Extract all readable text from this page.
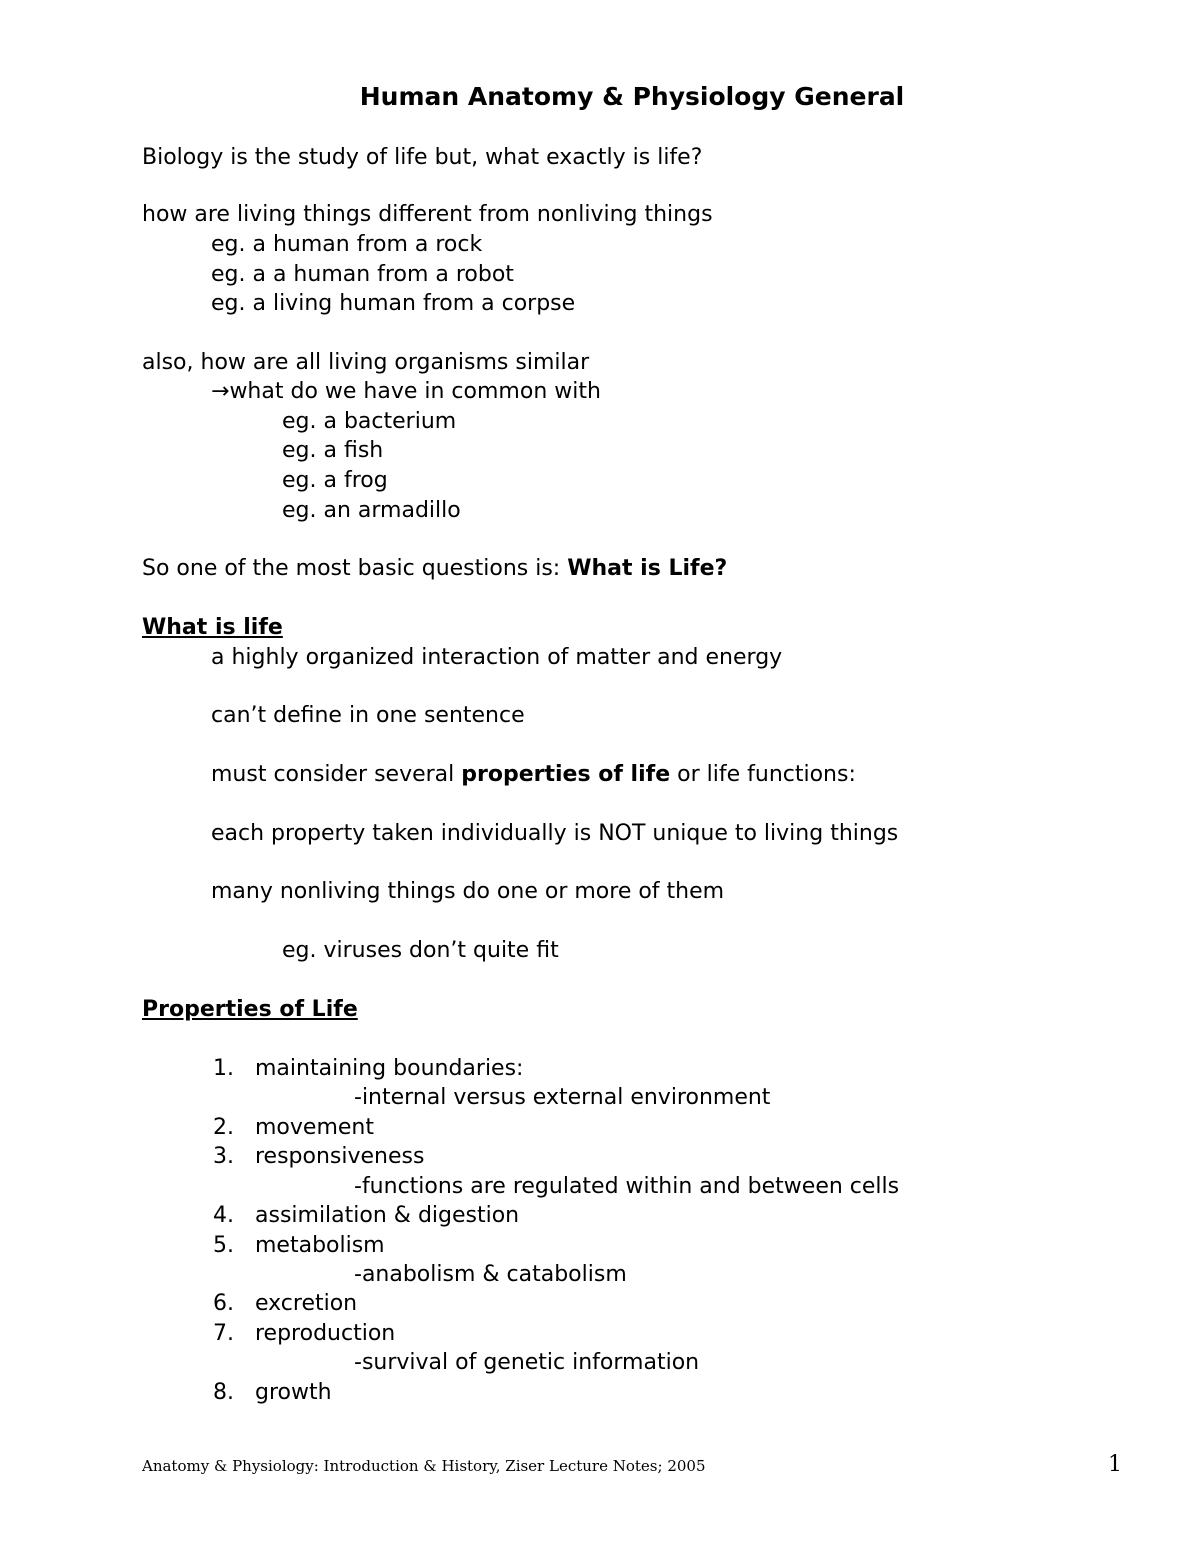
Human Anatomy & Physiology General
Biology is the study of life but, what exactly is life?
how are living things different from nonliving things
eg. a human from a rock
eg. a a human from a robot
eg. a living human from a corpse
also, how are all living organisms similar
→what do we have in common with
eg. a bacterium
eg. a fish
eg. a frog
eg. an armadillo
So one of the most basic questions is: What is Life?
What is life
a highly organized interaction of matter and energy
can’t define in one sentence
must consider several properties of life or life functions:
each property taken individually is NOT unique to living things
many nonliving things do one or more of them
eg. viruses don’t quite fit
Properties of Life
1. maintaining boundaries:
-internal versus external environment
2. movement
3. responsiveness
-functions are regulated within and between cells
4. assimilation & digestion
5. metabolism
-anabolism & catabolism
6. excretion
7. reproduction
-survival of genetic information
8. growth
Anatomy & Physiology: Introduction & History, Ziser Lecture Notes; 2005	1
